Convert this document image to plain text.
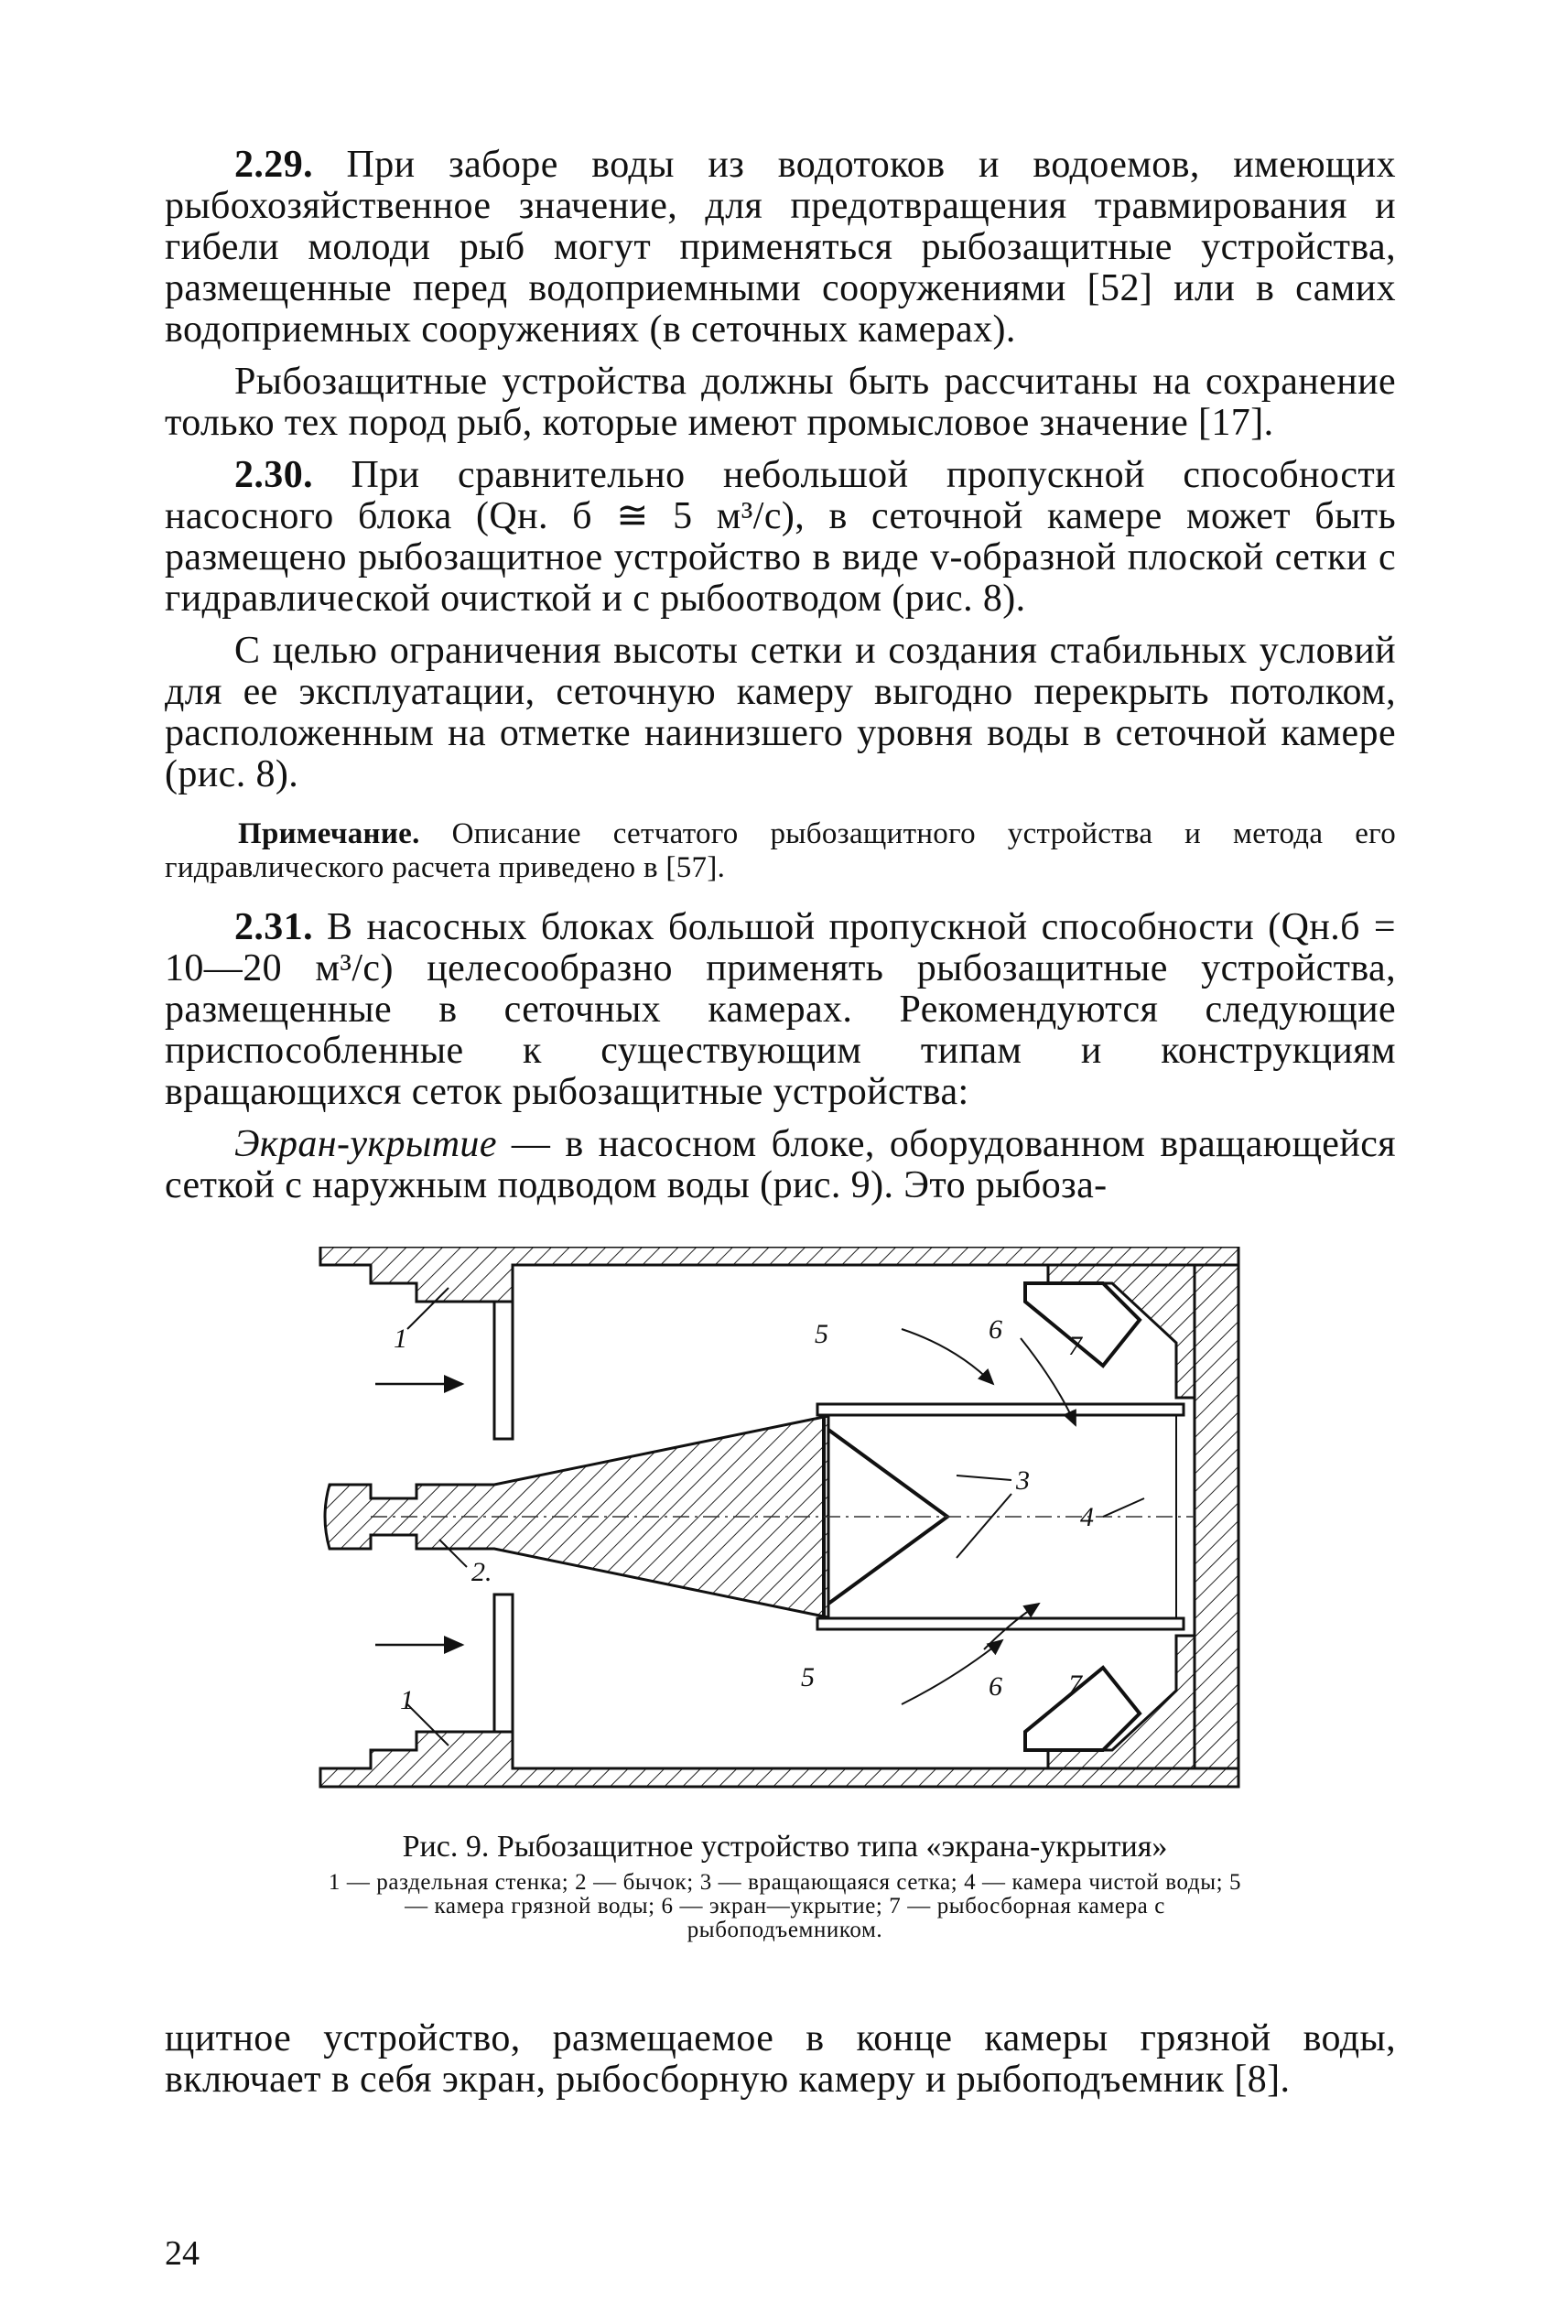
2.29. При заборе воды из водотоков и водоемов, имеющих рыбохозяйственное значение, для предотвращения травмирования и гибели молоди рыб могут применяться рыбозащитные устройства, размещенные перед водоприемными сооружениями [52] или в самих водоприемных сооружениях (в сеточных камерах).

Рыбозащитные устройства должны быть рассчитаны на сохранение только тех пород рыб, которые имеют промысловое значение [17].

2.30. При сравнительно небольшой пропускной способности насосного блока (Qн. б ≅ 5 м³/с), в сеточной камере может быть размещено рыбозащитное устройство в виде v-образной плоской сетки с гидравлической очисткой и с рыбоотводом (рис. 8).

С целью ограничения высоты сетки и создания стабильных условий для ее эксплуатации, сеточную камеру выгодно перекрыть потолком, расположенным на отметке наинизшего уровня воды в сеточной камере (рис. 8).

Примечание. Описание сетчатого рыбозащитного устройства и метода его гидравлического расчета приведено в [57].

2.31. В насосных блоках большой пропускной способности (Qн.б = 10—20 м³/с) целесообразно применять рыбозащитные устройства, размещенные в сеточных камерах. Рекомендуются следующие приспособленные к существующим типам и конструкциям вращающихся сеток рыбозащитные устройства:

Экран-укрытие — в насосном блоке, оборудованном вращающейся сеткой с наружным подводом воды (рис. 9). Это рыбоза-

1
1
2.
3
4
5
5
6
6
7
7

Рис. 9. Рыбозащитное устройство типа «экрана-укрытия»

1 — раздельная стенка; 2 — бычок; 3 — вращающаяся сетка; 4 — камера чистой воды; 5 — камера грязной воды; 6 — экран—укрытие; 7 — рыбосборная камера с рыбоподъемником.

щитное устройство, размещаемое в конце камеры грязной воды, включает в себя экран, рыбосборную камеру и рыбоподъемник [8].

24
